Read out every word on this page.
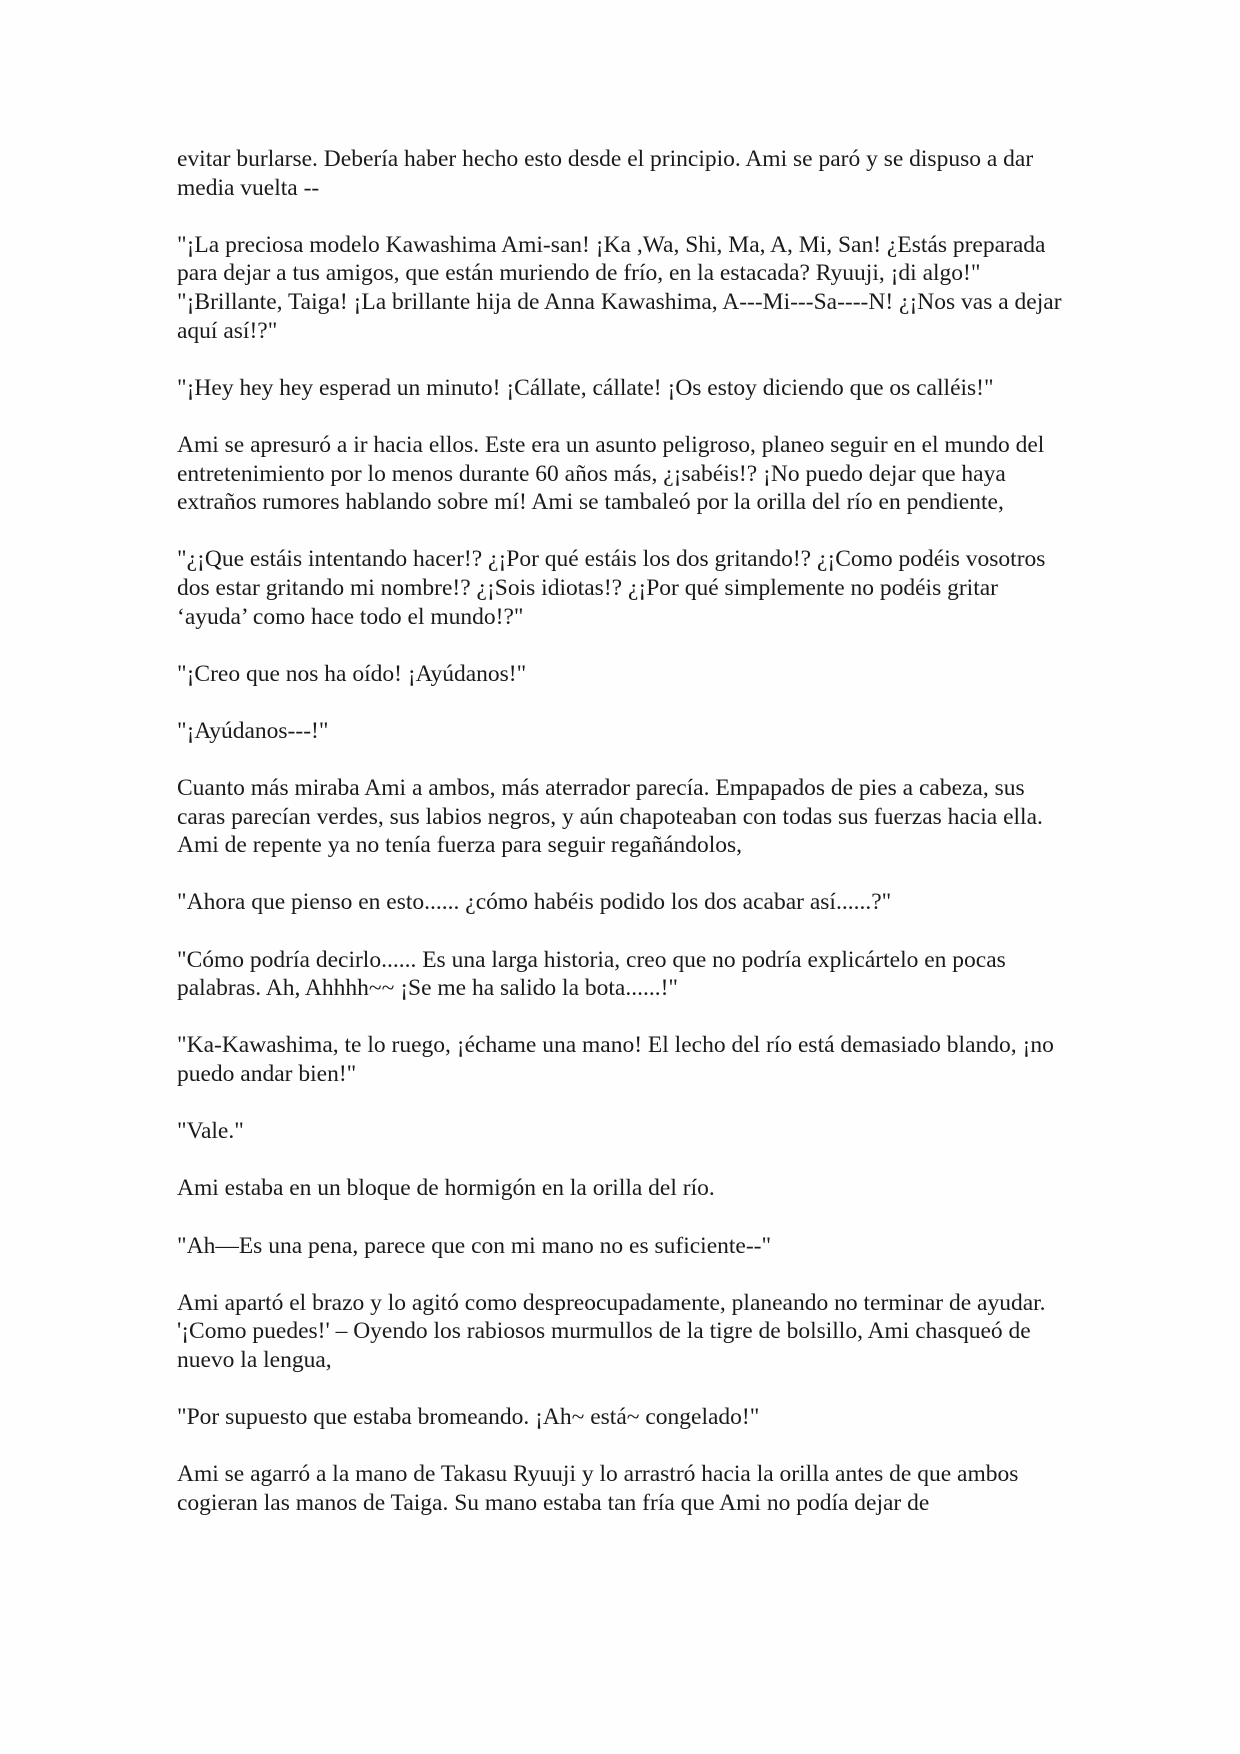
evitar burlarse. Debería haber hecho esto desde el principio. Ami se paró y se dispuso a dar media vuelta --

"¡La preciosa modelo Kawashima Ami-san! ¡Ka ,Wa, Shi, Ma, A, Mi, San! ¿Estás preparada para dejar a tus amigos, que están muriendo de frío, en la estacada? Ryuuji, ¡di algo!"

"¡Brillante, Taiga! ¡La brillante hija de Anna Kawashima, A---Mi---Sa----N! ¿¡Nos vas a dejar aquí así!?"

"¡Hey hey hey esperad un minuto! ¡Cállate, cállate! ¡Os estoy diciendo que os calléis!"

Ami se apresuró a ir hacia ellos. Este era un asunto peligroso, planeo seguir en el mundo del entretenimiento por lo menos durante 60 años más, ¿¡sabéis!? ¡No puedo dejar que haya extraños rumores hablando sobre mí! Ami se tambaleó por la orilla del río en pendiente,

"¿¡Que estáis intentando hacer!? ¿¡Por qué estáis los dos gritando!? ¿¡Como podéis vosotros dos estar gritando mi nombre!? ¿¡Sois idiotas!? ¿¡Por qué simplemente no podéis gritar ‘ayuda’ como hace todo el mundo!?"

"¡Creo que nos ha oído! ¡Ayúdanos!"

"¡Ayúdanos---!"

Cuanto más miraba Ami a ambos, más aterrador parecía. Empapados de pies a cabeza, sus caras parecían verdes, sus labios negros, y aún chapoteaban con todas sus fuerzas hacia ella. Ami de repente ya no tenía fuerza para seguir regañándolos,

"Ahora que pienso en esto...... ¿cómo habéis podido los dos acabar así......?"

"Cómo podría decirlo...... Es una larga historia, creo que no podría explicártelo en pocas palabras. Ah, Ahhhh~~ ¡Se me ha salido la bota......!"

"Ka-Kawashima, te lo ruego, ¡échame una mano! El lecho del río está demasiado blando, ¡no puedo andar bien!"

"Vale."

Ami estaba en un bloque de hormigón en la orilla del río.

"Ah—Es una pena, parece que con mi mano no es suficiente--"

Ami apartó el brazo y lo agitó como despreocupadamente, planeando no terminar de ayudar. '¡Como puedes!' – Oyendo los rabiosos murmullos de la tigre de bolsillo, Ami chasqueó de nuevo la lengua,

"Por supuesto que estaba bromeando. ¡Ah~ está~ congelado!"

Ami se agarró a la mano de Takasu Ryuuji y lo arrastró hacia la orilla antes de que ambos cogieran las manos de Taiga. Su mano estaba tan fría que Ami no podía dejar de
